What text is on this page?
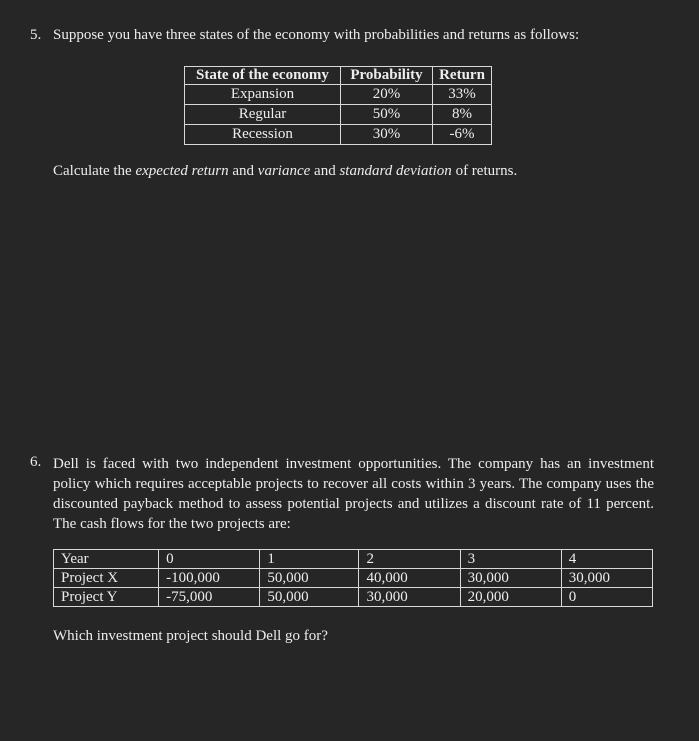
5. Suppose you have three states of the economy with probabilities and returns as follows:
State of the economy	Probability	Return
Expansion	20%	33%
Regular	50%	8%
Recession	30%	-6%
Calculate the expected return and variance and standard deviation of returns.
6. Dell is faced with two independent investment opportunities. The company has an investment policy which requires acceptable projects to recover all costs within 3 years. The company uses the discounted payback method to assess potential projects and utilizes a discount rate of 11 percent. The cash flows for the two projects are:
Year	0	1	2	3	4
Project X	-100,000	50,000	40,000	30,000	30,000
Project Y	-75,000	50,000	30,000	20,000	0
Which investment project should Dell go for?
